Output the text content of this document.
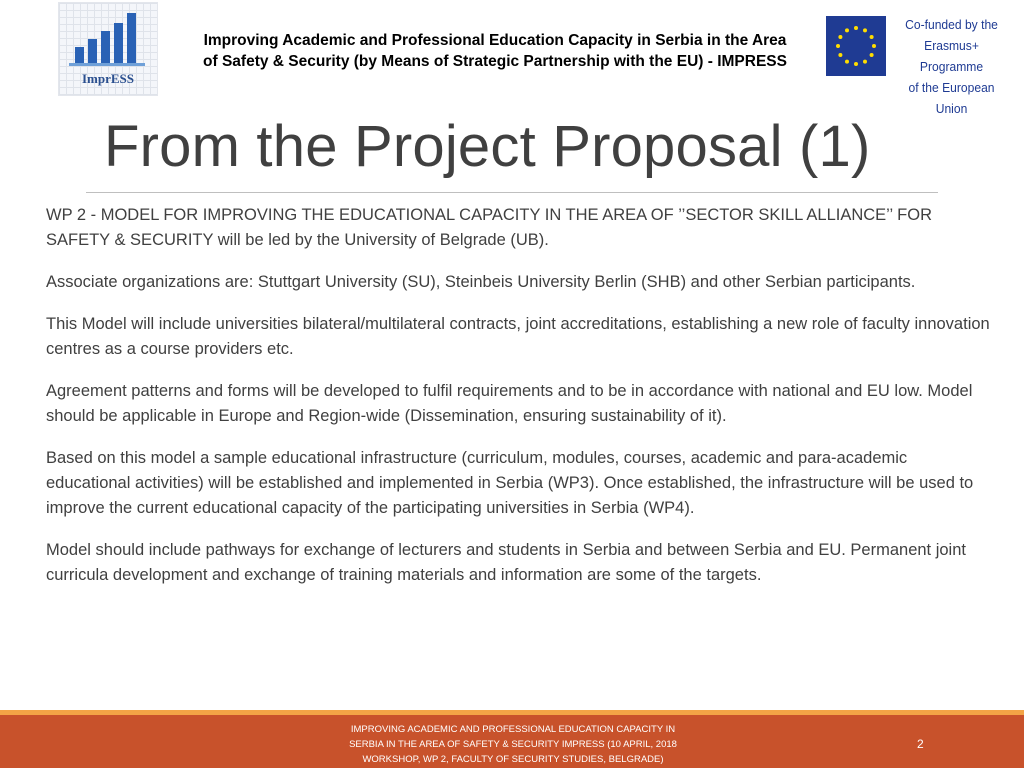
ImprESS
Improving Academic and Professional Education Capacity in Serbia in the Area of Safety & Security (by Means of Strategic Partnership with the EU) - IMPRESS
Co-funded by the
Erasmus+ Programme
of the European Union
From the Project Proposal (1)

WP 2 - MODEL FOR IMPROVING THE EDUCATIONAL CAPACITY IN THE AREA OF ’’SECTOR SKILL ALLIANCE’’ FOR SAFETY & SECURITY will be led by the University of Belgrade (UB).

Associate organizations are: Stuttgart University (SU), Steinbeis University Berlin (SHB) and other Serbian participants.

This Model will include universities bilateral/multilateral contracts, joint accreditations, establishing a new role of faculty innovation centres as a course providers etc.

Agreement patterns and forms will be developed to fulfil requirements and to be in accordance with national and EU low. Model should be applicable in Europe and Region-wide (Dissemination, ensuring sustainability of it).

Based on this model a sample educational infrastructure (curriculum, modules, courses, academic and para-academic educational activities) will be established and implemented in Serbia (WP3). Once established, the infrastructure will be used to improve the current educational capacity of the participating universities in Serbia (WP4).

Model should include pathways for exchange of lecturers and students in Serbia and between Serbia and EU. Permanent joint curricula development and exchange of training materials and information are some of the targets.

IMPROVING ACADEMIC AND PROFESSIONAL EDUCATION CAPACITY IN
SERBIA IN THE AREA OF SAFETY & SECURITY IMPRESS (10 APRIL, 2018
WORKSHOP, WP 2, FACULTY OF SECURITY STUDIES, BELGRADE)
2
